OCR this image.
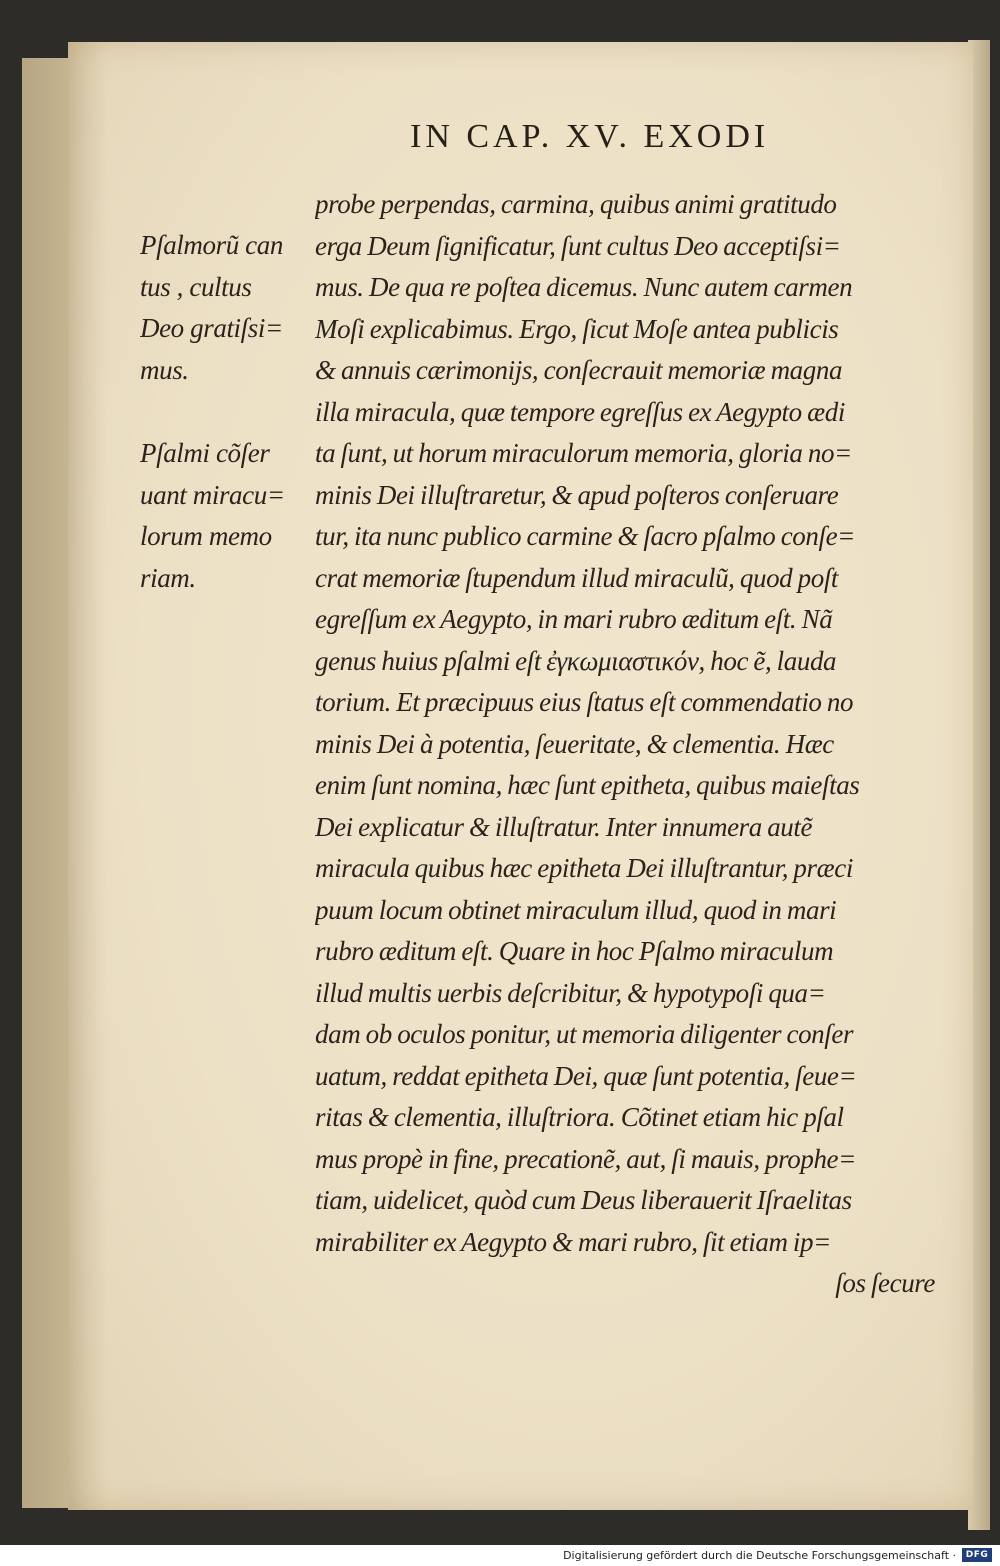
IN CAP. XV. EXODI
Pſalmorũ can
tus , cultus
Deo gratiſsi=
mus.
Pſalmi cõſer
uant miracu=
lorum memo
riam.
probe perpendas, carmina, quibus animi gratitudo
erga Deum ſignificatur, ſunt cultus Deo acceptiſsi=
mus. De qua re poſtea dicemus. Nunc autem carmen
Moſi explicabimus. Ergo, ſicut Moſe antea publicis
& annuis cærimonijs, conſecrauit memoriæ magna
illa miracula, quæ tempore egreſſus ex Aegypto ædi
ta ſunt, ut horum miraculorum memoria, gloria no=
minis Dei illuſtraretur, & apud poſteros conſeruare
tur, ita nunc publico carmine & ſacro pſalmo conſe=
crat memoriæ ſtupendum illud miraculũ, quod poſt
egreſſum ex Aegypto, in mari rubro æditum eſt. Nã
genus huius pſalmi eſt ἐγκωμιαστικόν, hoc ẽ, lauda
torium. Et præcipuus eius ſtatus eſt commendatio no
minis Dei à potentia, ſeueritate, & clementia. Hæc
enim ſunt nomina, hæc ſunt epitheta, quibus maieſtas
Dei explicatur & illuſtratur. Inter innumera autẽ
miracula quibus hæc epitheta Dei illuſtrantur, præci
puum locum obtinet miraculum illud, quod in mari
rubro æditum eſt. Quare in hoc Pſalmo miraculum
illud multis uerbis deſcribitur, & hypotypoſi qua=
dam ob oculos ponitur, ut memoria diligenter conſer
uatum, reddat epitheta Dei, quæ ſunt potentia, ſeue=
ritas & clementia, illuſtriora. Cõtinet etiam hic pſal
mus propè in fine, precationẽ, aut, ſi mauis, prophe=
tiam, uidelicet, quòd cum Deus liberauerit Iſraelitas
mirabiliter ex Aegypto & mari rubro, ſit etiam ip=
ſos ſecure
Digitalisierung gefördert durch die Deutsche Forschungsgemeinschaft ·	DFG
